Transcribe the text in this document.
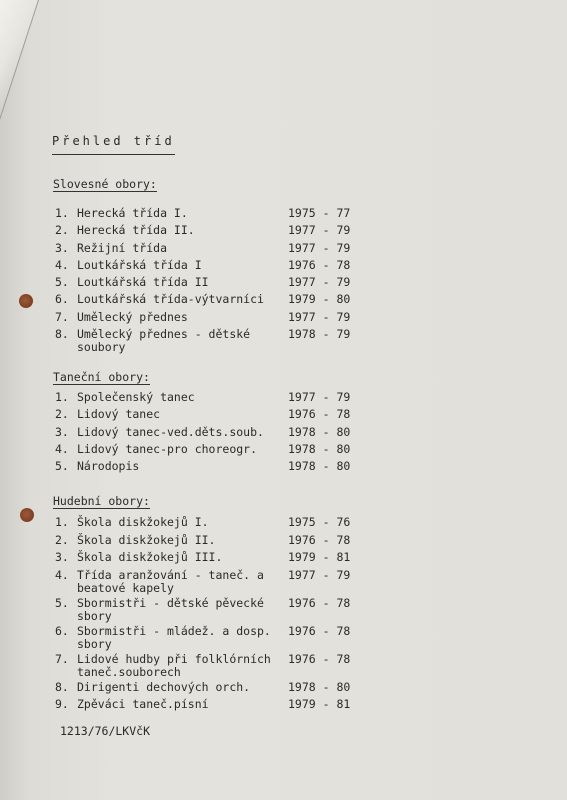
Přehled tříd
Slovesné obory:
1. Herecká třída I.	1975 - 77
2. Herecká třída II.	1977 - 79
3. Režijní třída	1977 - 79
4. Loutkářská třída I	1976 - 78
5. Loutkářská třída II	1977 - 79
6. Loutkářská třída-výtvarníci 1979 - 80
7. Umělecký přednes	1977 - 79
8. Umělecký přednes - dětské
soubory
1978 - 79
Taneční obory:
1. Společenský tanec	1977 - 79
2. Lidový tanec	1976 - 78
3. Lidový tanec-ved.děts.soub. 1978 - 80
4. Lidový tanec-pro choreogr.	1978 - 80
5. Národopis	1978 - 80
Hudební obory:
1. Škola diskžokejů I.	1975 - 76
2. Škola diskžokejů II.	1976 - 78
3. Škola diskžokejů III.	1979 - 81
4. Třída aranžování - taneč. a
beatové kapely
1977 - 79
5. Sbormistři - dětské pěvecké
sbory
1976 - 78
6. Sbormistři - mládež. a dosp.
sbory
1976 - 78
7. Lidové hudby při folklórních
taneč.souborech
1976 - 78
8. Dirigenti dechových orch.	1978 - 80
9. Zpěváci taneč.písní	1979 - 81
1213/76/LKVčK
